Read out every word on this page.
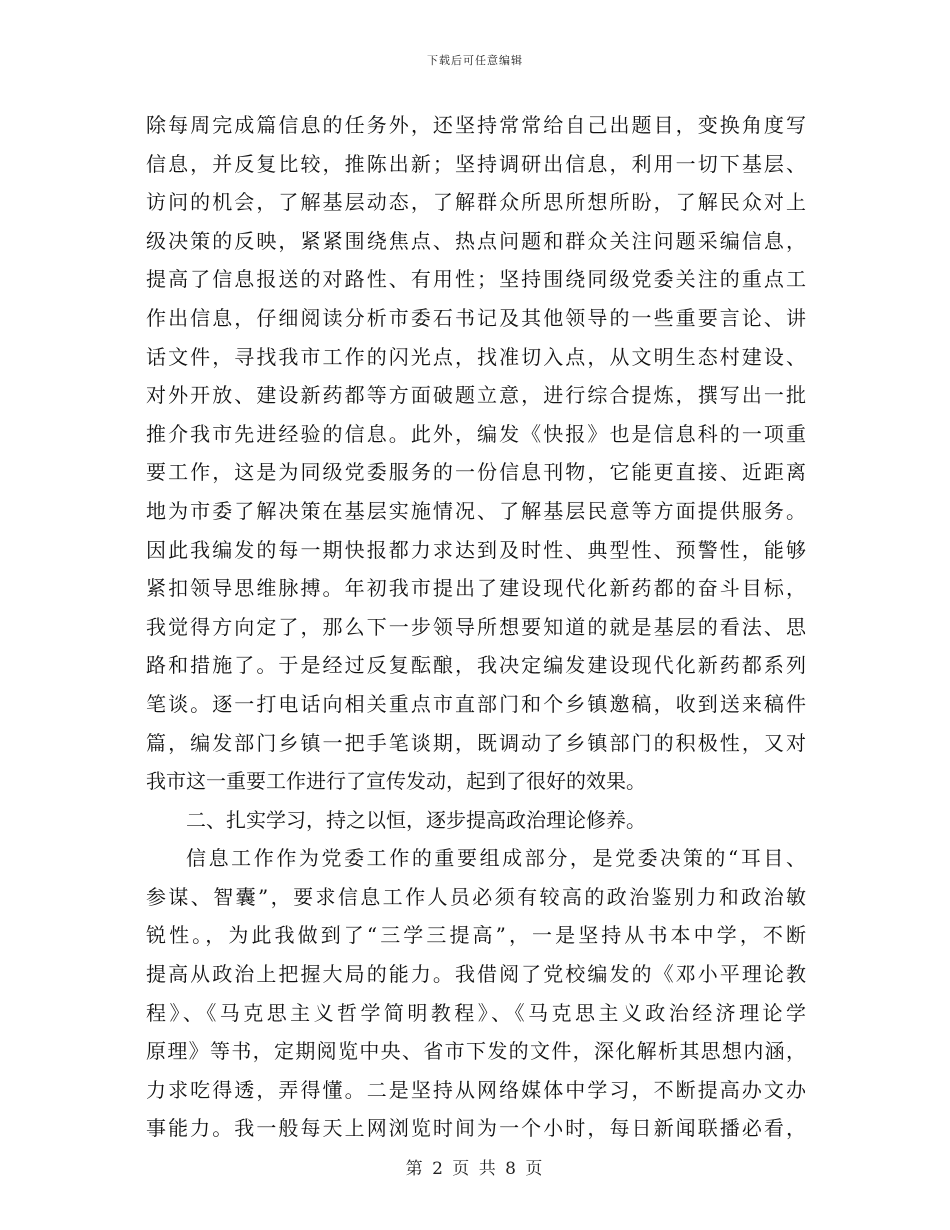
下载后可任意编辑
除每周完成篇信息的任务外，还坚持常常给自己出题目，变换角度写
信息，并反复比较，推陈出新；坚持调研出信息，利用一切下基层、
访问的机会，了解基层动态，了解群众所思所想所盼，了解民众对上
级决策的反映，紧紧围绕焦点、热点问题和群众关注问题采编信息，
提高了信息报送的对路性、有用性；坚持围绕同级党委关注的重点工
作出信息，仔细阅读分析市委石书记及其他领导的一些重要言论、讲
话文件，寻找我市工作的闪光点，找准切入点，从文明生态村建设、
对外开放、建设新药都等方面破题立意，进行综合提炼，撰写出一批
推介我市先进经验的信息。此外，编发《快报》也是信息科的一项重
要工作，这是为同级党委服务的一份信息刊物，它能更直接、近距离
地为市委了解决策在基层实施情况、了解基层民意等方面提供服务。
因此我编发的每一期快报都力求达到及时性、典型性、预警性，能够
紧扣领导思维脉搏。年初我市提出了建设现代化新药都的奋斗目标，
我觉得方向定了，那么下一步领导所想要知道的就是基层的看法、思
路和措施了。于是经过反复酝酿，我决定编发建设现代化新药都系列
笔谈。逐一打电话向相关重点市直部门和个乡镇邀稿，收到送来稿件
篇，编发部门乡镇一把手笔谈期，既调动了乡镇部门的积极性，又对
我市这一重要工作进行了宣传发动，起到了很好的效果。
二、扎实学习，持之以恒，逐步提高政治理论修养。
信息工作作为党委工作的重要组成部分，是党委决策的“耳目、
参谋、智囊”，要求信息工作人员必须有较高的政治鉴别力和政治敏
锐性。，为此我做到了“三学三提高”，一是坚持从书本中学，不断
提高从政治上把握大局的能力。我借阅了党校编发的《邓小平理论教
程》、《马克思主义哲学简明教程》、《马克思主义政治经济理论学
原理》等书，定期阅览中央、省市下发的文件，深化解析其思想内涵，
力求吃得透，弄得懂。二是坚持从网络媒体中学习，不断提高办文办
事能力。我一般每天上网浏览时间为一个小时，每日新闻联播必看，
第 2 页 共 8 页
